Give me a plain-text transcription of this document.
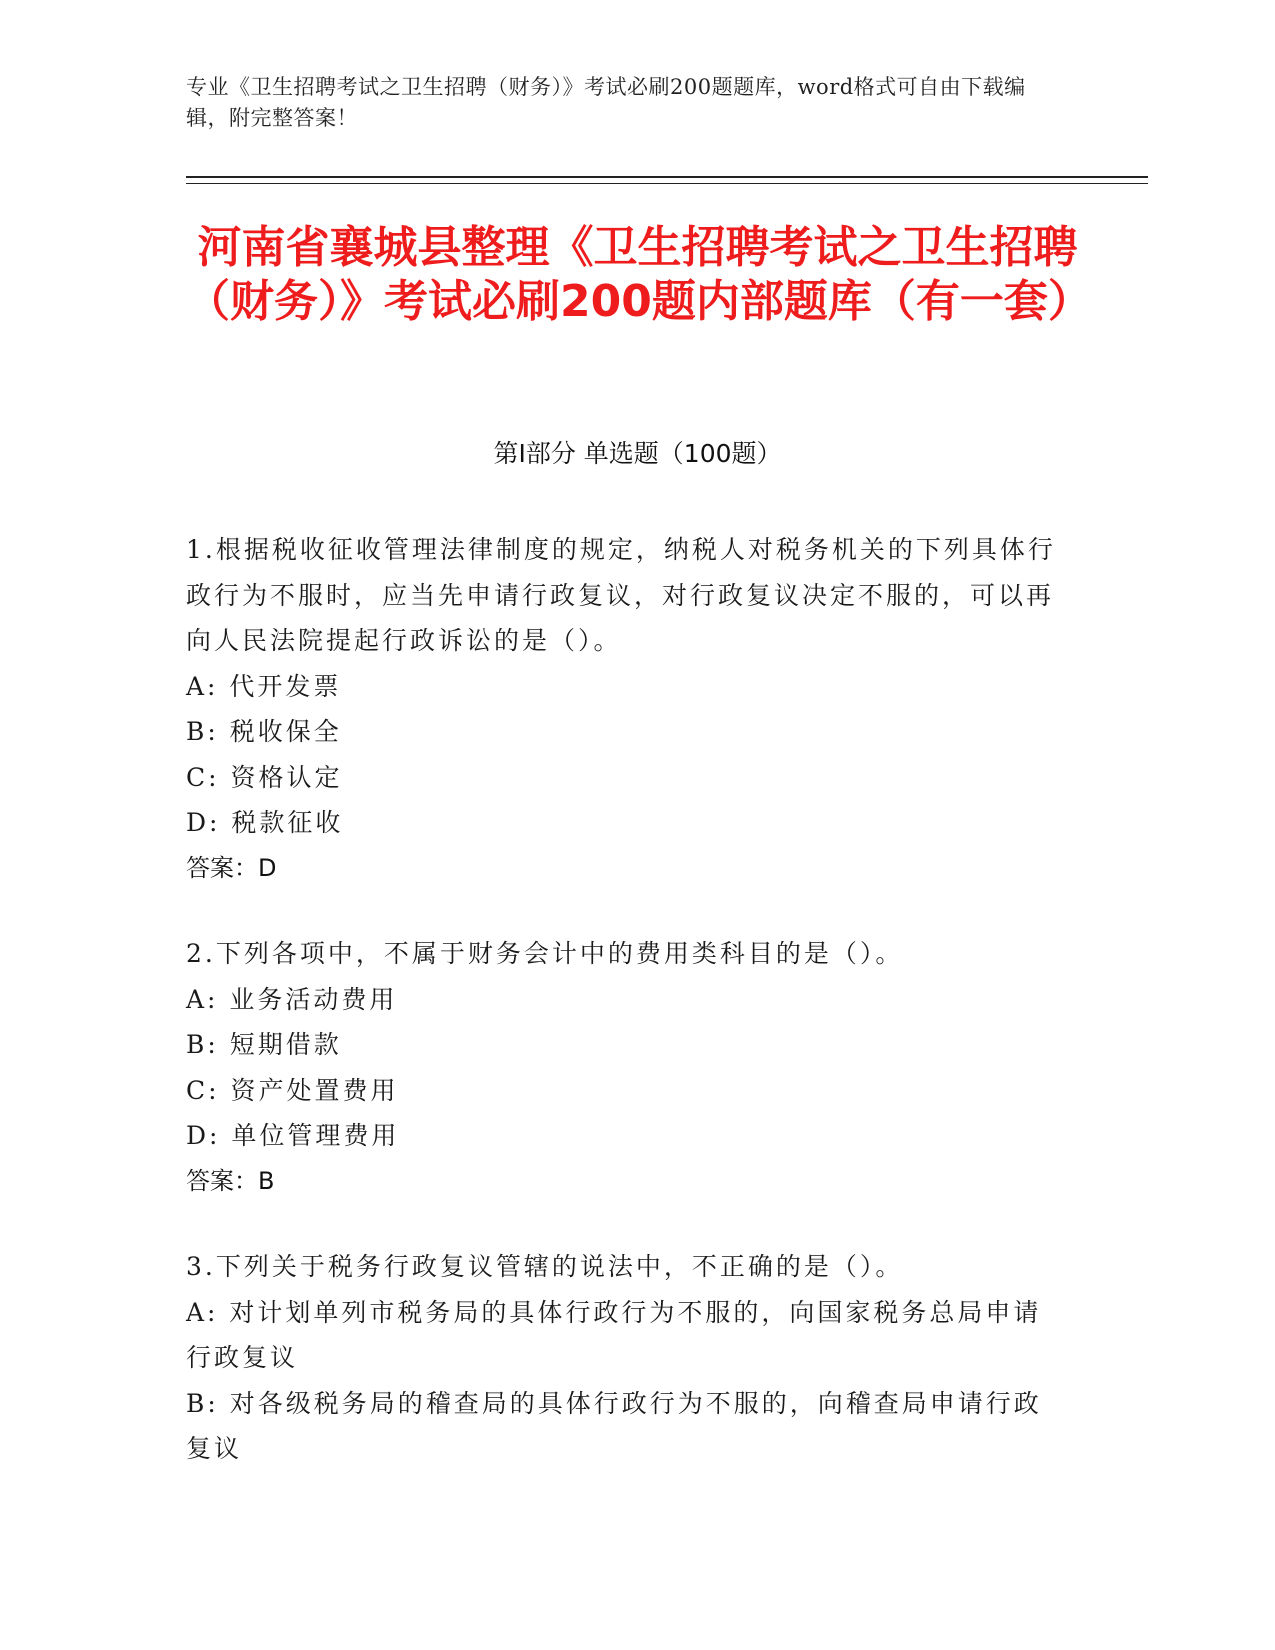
专业《卫生招聘考试之卫生招聘（财务）》考试必刷200题题库，word格式可自由下载编辑，附完整答案！
河南省襄城县整理《卫生招聘考试之卫生招聘（财务）》考试必刷200题内部题库（有一套）
第Ⅰ部分 单选题（100题）

1.根据税收征收管理法律制度的规定，纳税人对税务机关的下列具体行政行为不服时，应当先申请行政复议，对行政复议决定不服的，可以再向人民法院提起行政诉讼的是（）。

A: 代开发票

B: 税收保全

C: 资格认定

D: 税款征收

答案：D

2.下列各项中，不属于财务会计中的费用类科目的是（）。

A: 业务活动费用

B: 短期借款

C: 资产处置费用

D: 单位管理费用

答案：B

3.下列关于税务行政复议管辖的说法中，不正确的是（）。

A: 对计划单列市税务局的具体行政行为不服的，向国家税务总局申请行政复议

B: 对各级税务局的稽查局的具体行政行为不服的，向稽查局申请行政复议
